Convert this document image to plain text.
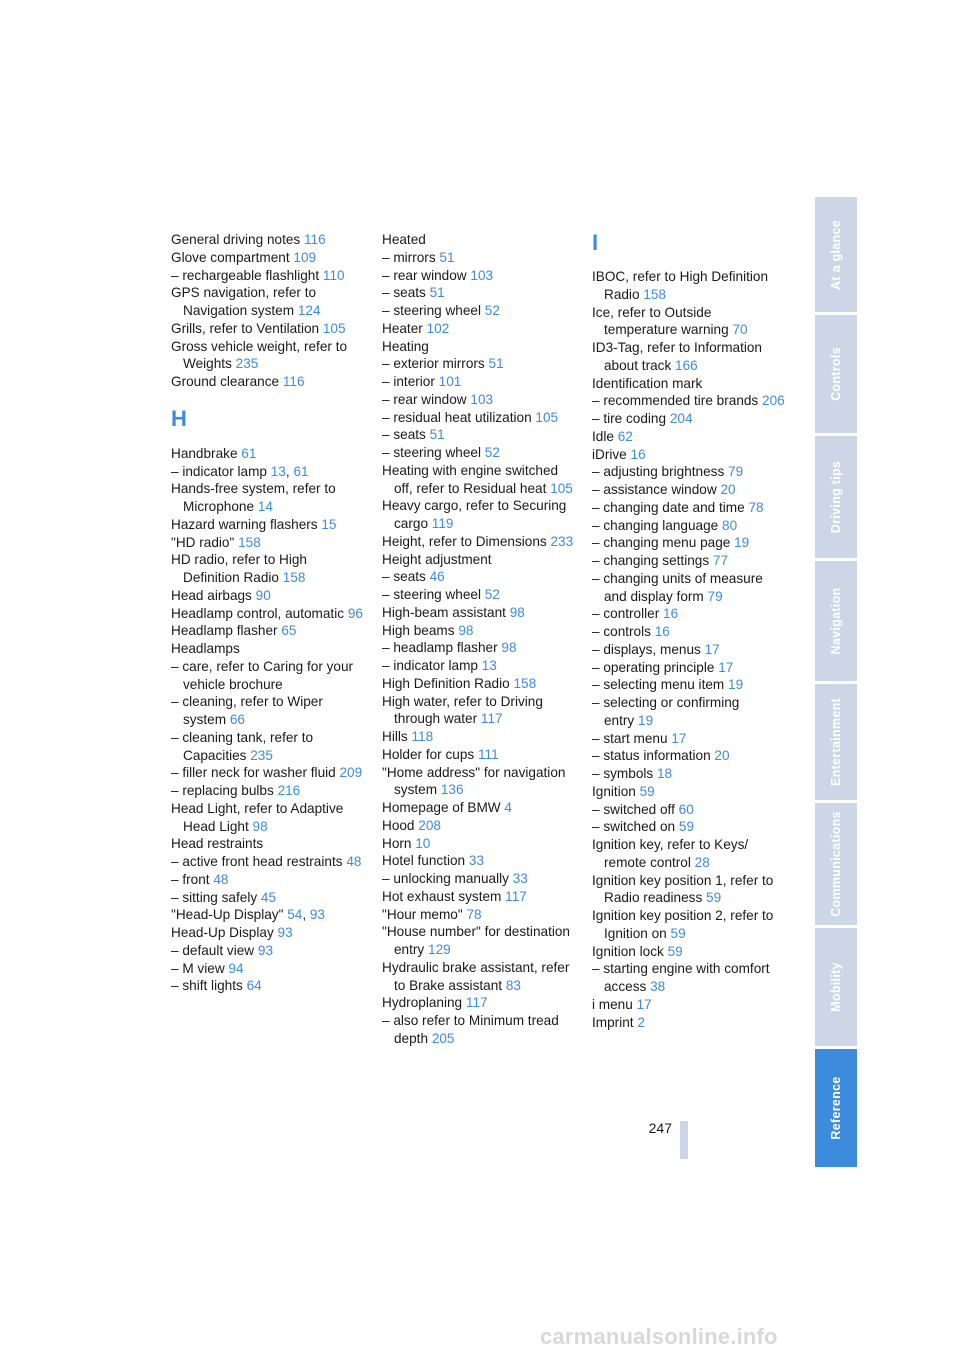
General driving notes 116
Glove compartment 109
– rechargeable flashlight 110
GPS navigation, refer to Navigation system 124
Grills, refer to Ventilation 105
Gross vehicle weight, refer to Weights 235
Ground clearance 116
H
Handbrake 61
– indicator lamp 13, 61
Hands-free system, refer to Microphone 14
Hazard warning flashers 15
"HD radio" 158
HD radio, refer to High Definition Radio 158
Head airbags 90
Headlamp control, automatic 96
Headlamp flasher 65
Headlamps
– care, refer to Caring for your vehicle brochure
– cleaning, refer to Wiper system 66
– cleaning tank, refer to Capacities 235
– filler neck for washer fluid 209
– replacing bulbs 216
Head Light, refer to Adaptive Head Light 98
Head restraints
– active front head restraints 48
– front 48
– sitting safely 45
"Head-Up Display" 54, 93
Head-Up Display 93
– default view 93
– M view 94
– shift lights 64
Heated
– mirrors 51
– rear window 103
– seats 51
– steering wheel 52
Heater 102
Heating
– exterior mirrors 51
– interior 101
– rear window 103
– residual heat utilization 105
– seats 51
– steering wheel 52
Heating with engine switched off, refer to Residual heat 105
Heavy cargo, refer to Securing cargo 119
Height, refer to Dimensions 233
Height adjustment
– seats 46
– steering wheel 52
High-beam assistant 98
High beams 98
– headlamp flasher 98
– indicator lamp 13
High Definition Radio 158
High water, refer to Driving through water 117
Hills 118
Holder for cups 111
"Home address" for navigation system 136
Homepage of BMW 4
Hood 208
Horn 10
Hotel function 33
– unlocking manually 33
Hot exhaust system 117
"Hour memo" 78
"House number" for destination entry 129
Hydraulic brake assistant, refer to Brake assistant 83
Hydroplaning 117
– also refer to Minimum tread depth 205
I
IBOC, refer to High Definition Radio 158
Ice, refer to Outside temperature warning 70
ID3-Tag, refer to Information about track 166
Identification mark
– recommended tire brands 206
– tire coding 204
Idle 62
iDrive 16
– adjusting brightness 79
– assistance window 20
– changing date and time 78
– changing language 80
– changing menu page 19
– changing settings 77
– changing units of measure and display form 79
– controller 16
– controls 16
– displays, menus 17
– operating principle 17
– selecting menu item 19
– selecting or confirming entry 19
– start menu 17
– status information 20
– symbols 18
Ignition 59
– switched off 60
– switched on 59
Ignition key, refer to Keys/ remote control 28
Ignition key position 1, refer to Radio readiness 59
Ignition key position 2, refer to Ignition on 59
Ignition lock 59
– starting engine with comfort access 38
i menu 17
Imprint 2
At a glance
Controls
Driving tips
Navigation
Entertainment
Communications
Mobility
Reference
247
carmanualsonline.info
